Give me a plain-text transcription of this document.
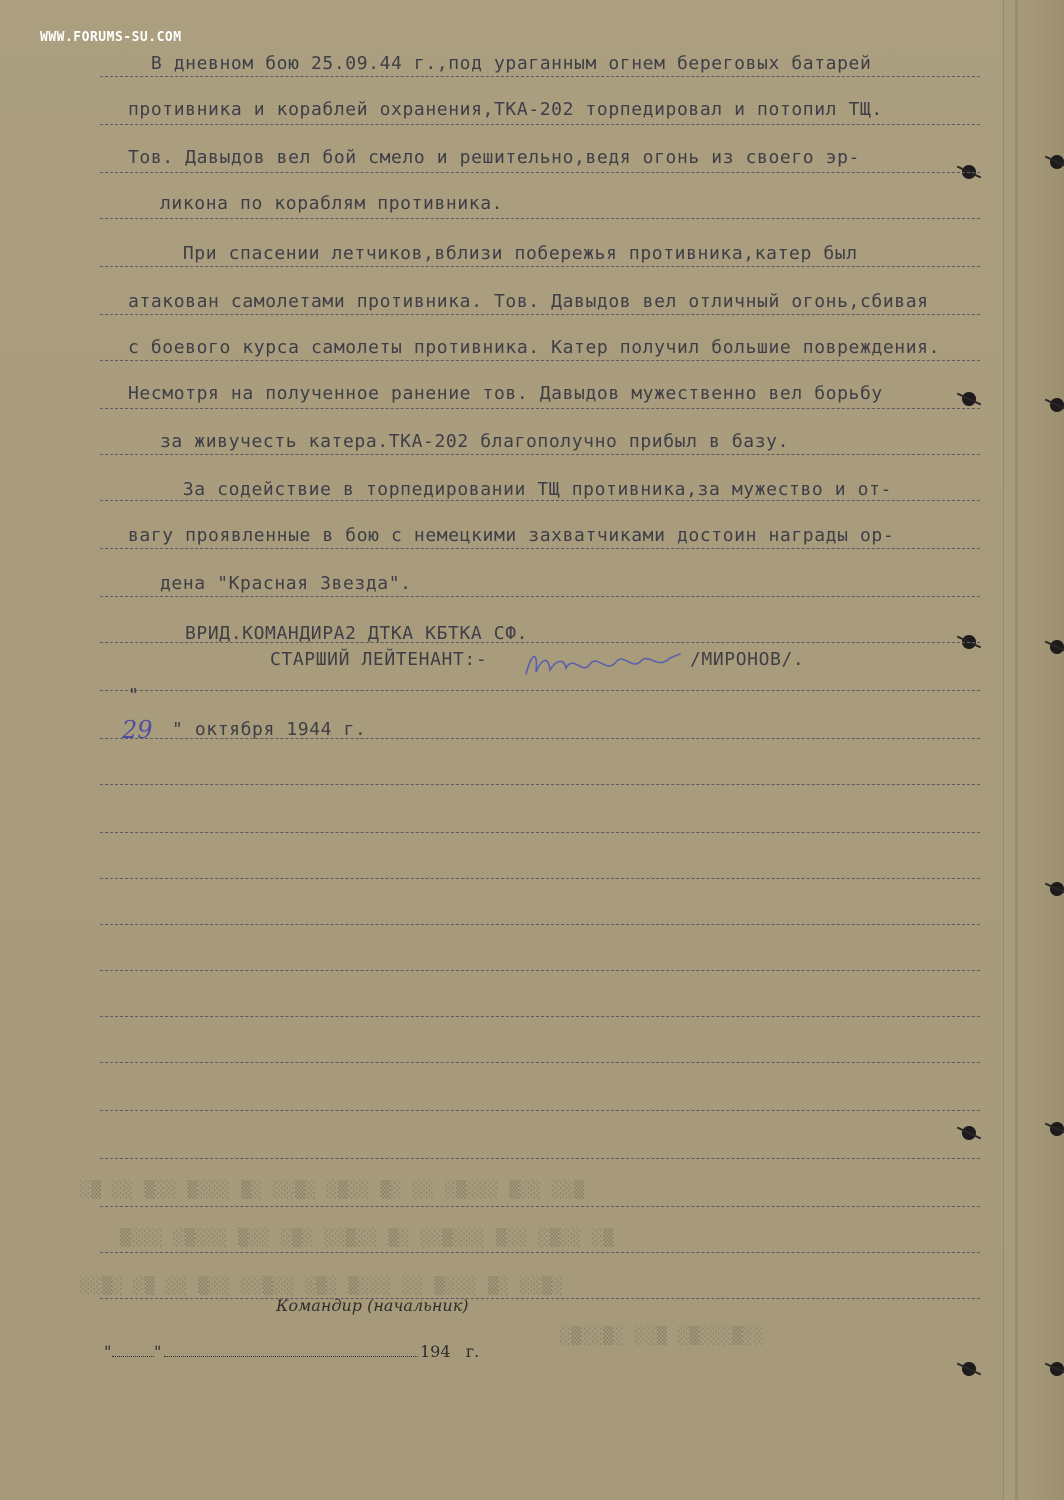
WWW.FORUMS-SU.COM
В дневном бою 25.09.44 г.,под ураганным огнем береговых батарей
противника и кораблей охранения,ТКА-202 торпедировал и потопил ТЩ.
Тов. Давыдов вел бой смело и решительно,ведя огонь из своего эр-
ликона по кораблям противника.
При спасении летчиков,вблизи побережья противника,катер был
атакован самолетами противника. Тов. Давыдов вел отличный огонь,сбивая
с боевого курса самолеты противника. Катер получил большие повреждения.
Несмотря на полученное ранение тов. Давыдов мужественно вел борьбу
за живучесть катера.ТКА-202 благополучно прибыл в базу.
За содействие в торпедировании ТЩ противника,за мужество и от-
вагу проявленные в бою с немецкими захватчиками достоин награды ор-
дена "Красная Звезда".
ВРИД.КОМАНДИРА2 ДТКА КБТКА СФ.
СТАРШИЙ ЛЕЙТЕНАНТ:-	/МИРОНОВ/.
"
29 " октября 1944 г.
░▒ ░░ ▒░░ ▒░░░ ▒░ ░░▒░ ░▒░░ ▒░ ░░ ░▒░░░ ▒░░ ░░▒
▒░░░ ░▒░░░ ▒░░ ░▒░ ░░▒░░ ▒░ ░░▒░░░ ▒░░ ░▒░░ ░▒
░░▒░ ░▒ ░░ ▒░░ ░░▒░░ ░▒░ ▒░░░ ░░ ▒░░░ ▒░ ░░▒░
░▒░░▒░ ░░▒ ░▒░░░▒░░
Командир (начальник)
"	"	194   г.
